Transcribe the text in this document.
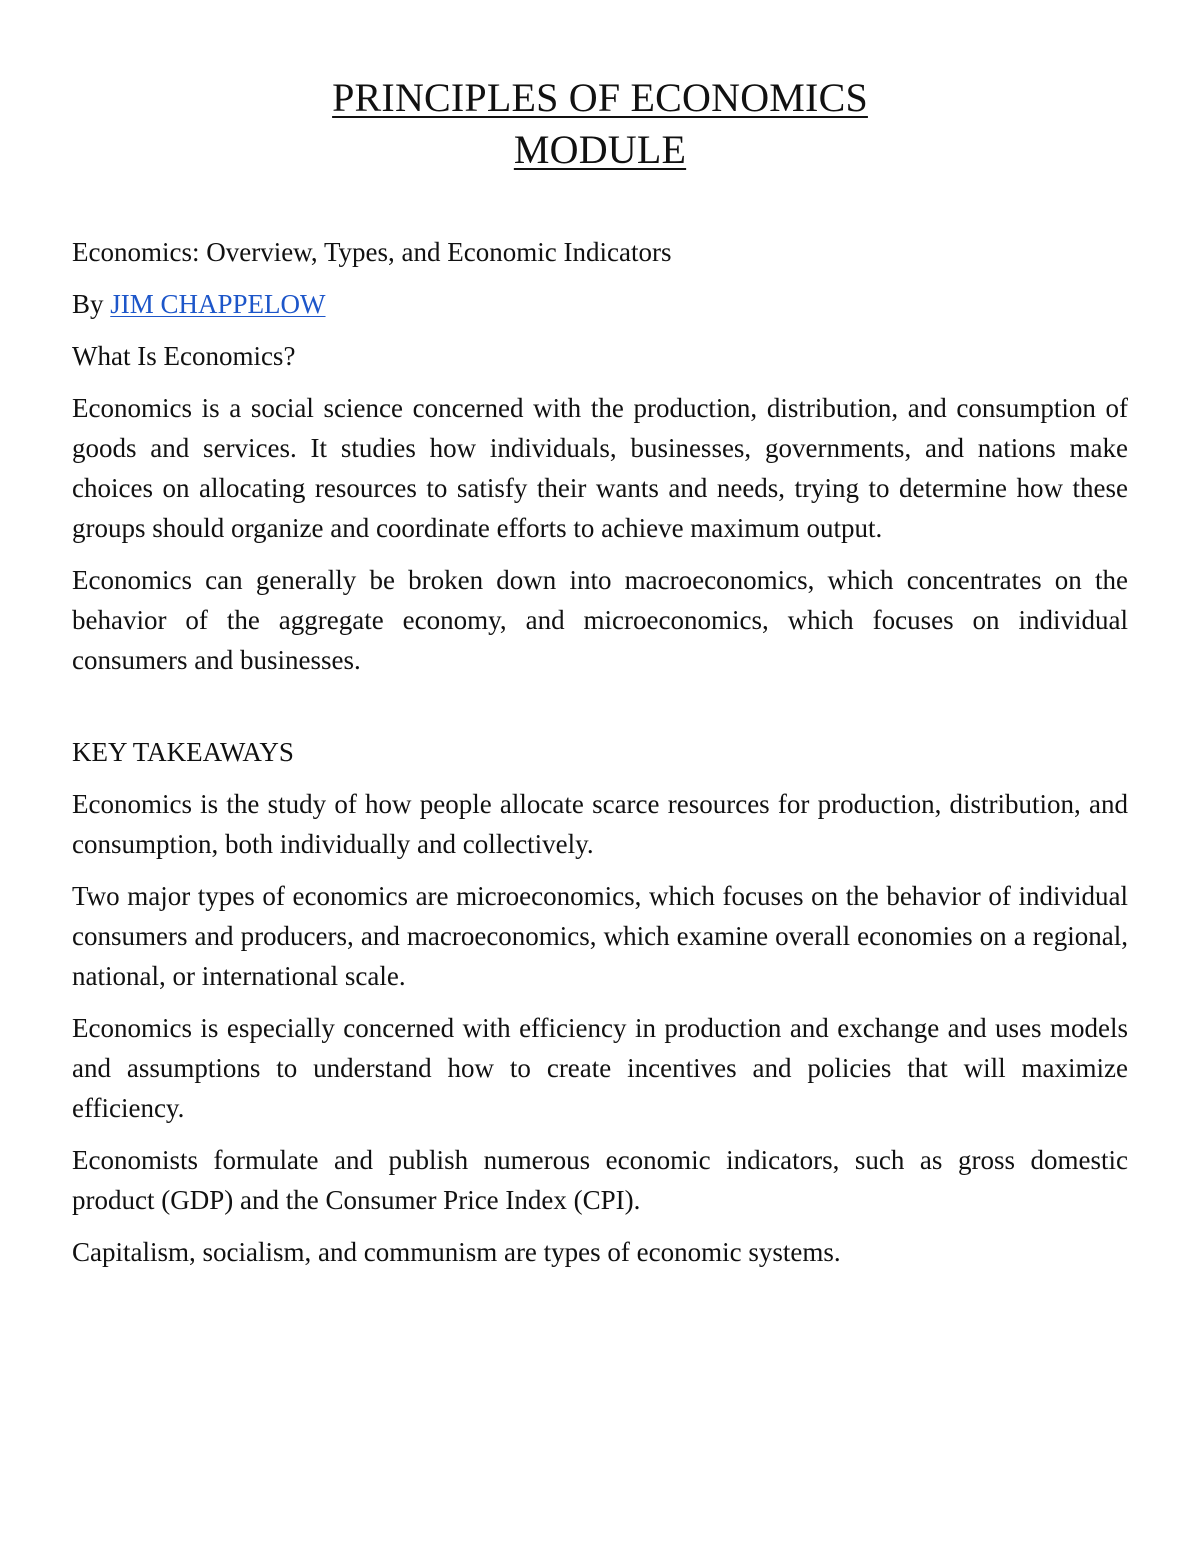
PRINCIPLES OF ECONOMICS
MODULE

Economics: Overview, Types, and Economic Indicators

By JIM CHAPPELOW

What Is Economics?

Economics is a social science concerned with the production, distribution, and consumption of goods and services. It studies how individuals, businesses, governments, and nations make choices on allocating resources to satisfy their wants and needs, trying to determine how these groups should organize and coordinate efforts to achieve maximum output.

Economics can generally be broken down into macroeconomics, which concentrates on the behavior of the aggregate economy, and microeconomics, which focuses on individual consumers and businesses.

KEY TAKEAWAYS

Economics is the study of how people allocate scarce resources for production, distribution, and consumption, both individually and collectively.

Two major types of economics are microeconomics, which focuses on the behavior of individual consumers and producers, and macroeconomics, which examine overall economies on a regional, national, or international scale.

Economics is especially concerned with efficiency in production and exchange and uses models and assumptions to understand how to create incentives and policies that will maximize efficiency.

Economists formulate and publish numerous economic indicators, such as gross domestic product (GDP) and the Consumer Price Index (CPI).

Capitalism, socialism, and communism are types of economic systems.
